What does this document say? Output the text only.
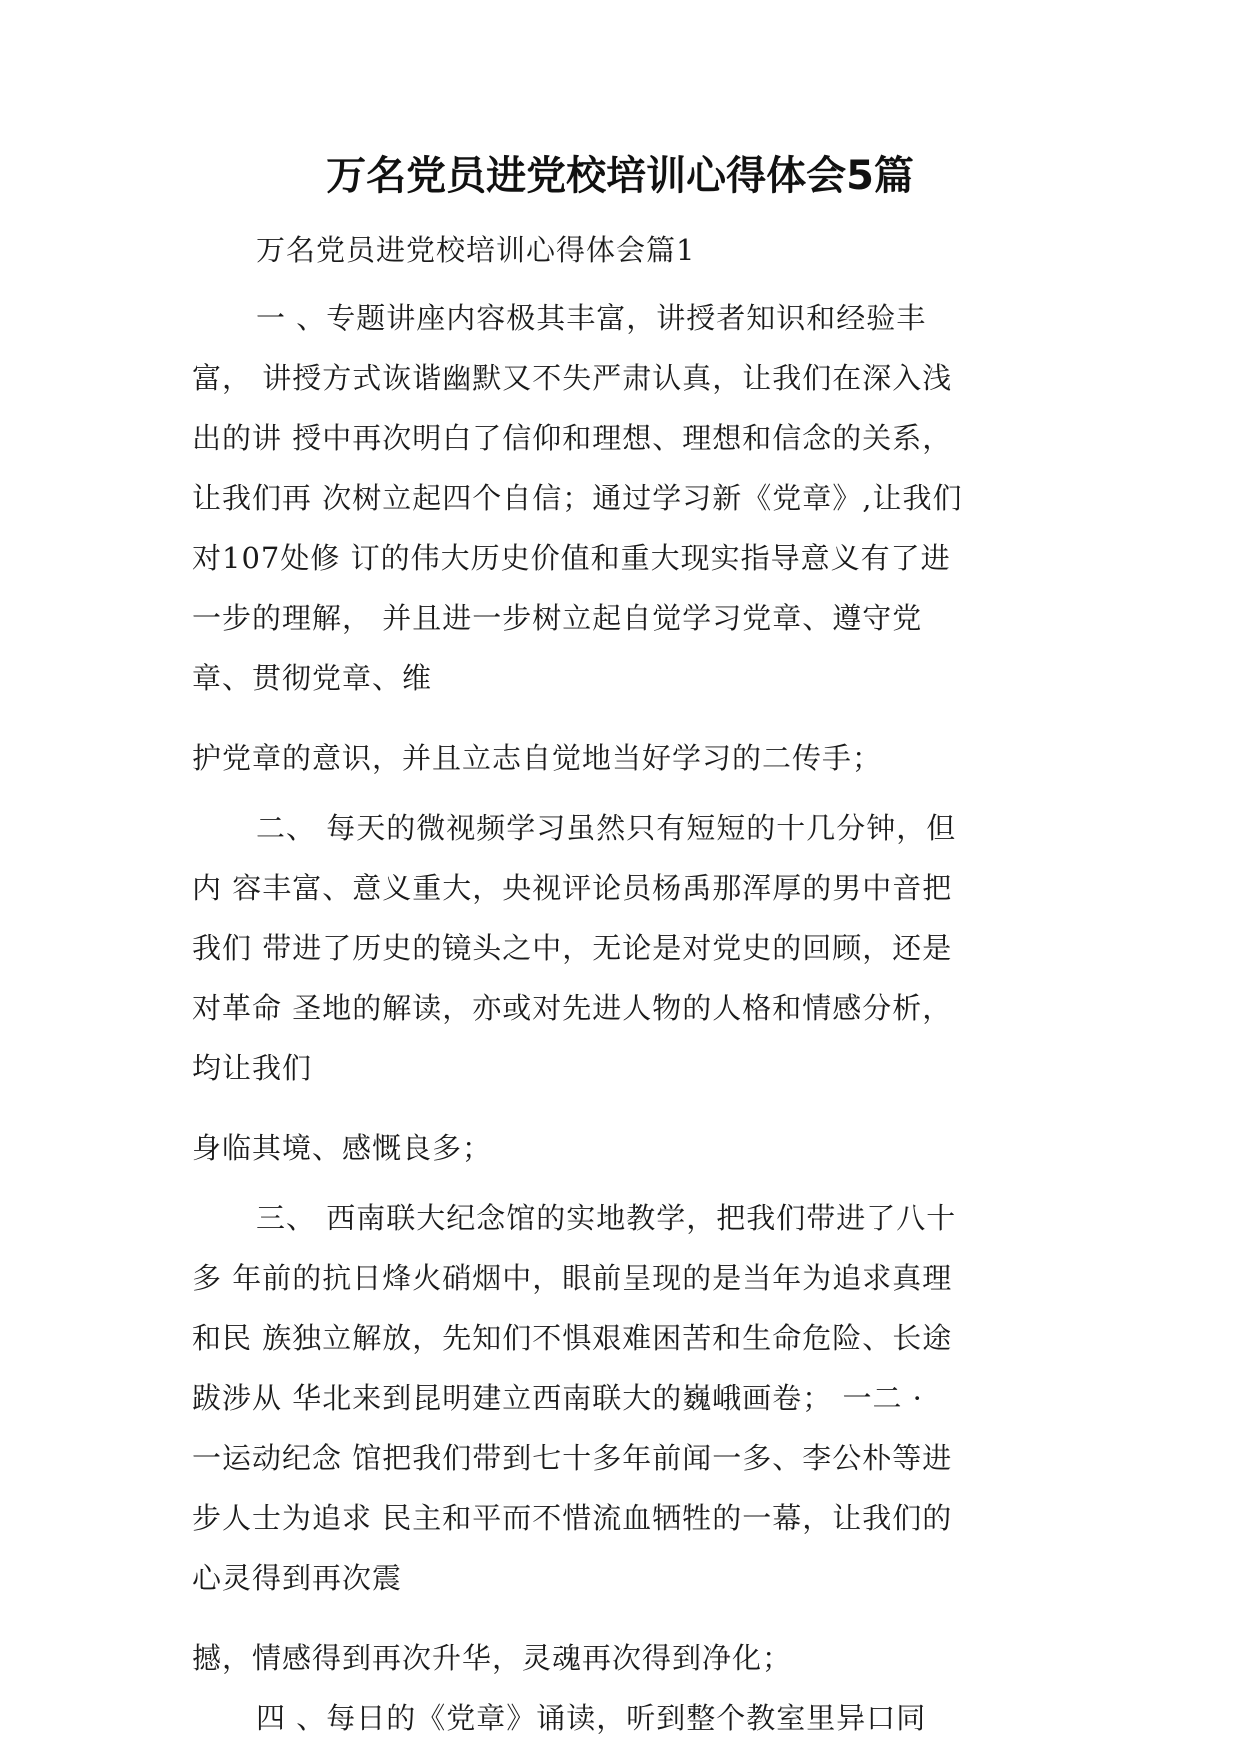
万名党员进党校培训心得体会5篇
万名党员进党校培训心得体会篇1
一 、专题讲座内容极其丰富，讲授者知识和经验丰
富， 讲授方式诙谐幽默又不失严肃认真，让我们在深入浅
出的讲 授中再次明白了信仰和理想、理想和信念的关系，
让我们再 次树立起四个自信；通过学习新《党章》,让我们
对107处修 订的伟大历史价值和重大现实指导意义有了进
一步的理解， 并且进一步树立起自觉学习党章、遵守党
章、贯彻党章、维
护党章的意识，并且立志自觉地当好学习的二传手；
二、 每天的微视频学习虽然只有短短的十几分钟，但
内 容丰富、意义重大，央视评论员杨禹那浑厚的男中音把
我们 带进了历史的镜头之中，无论是对党史的回顾，还是
对革命 圣地的解读，亦或对先进人物的人格和情感分析，
均让我们
身临其境、感慨良多；
三、 西南联大纪念馆的实地教学，把我们带进了八十
多 年前的抗日烽火硝烟中，眼前呈现的是当年为追求真理
和民 族独立解放，先知们不惧艰难困苦和生命危险、长途
跋涉从 华北来到昆明建立西南联大的巍峨画卷； 一二 ·
一运动纪念 馆把我们带到七十多年前闻一多、李公朴等进
步人士为追求 民主和平而不惜流血牺牲的一幕，让我们的
心灵得到再次震
撼，情感得到再次升华，灵魂再次得到净化；
四 、每日的《党章》诵读，听到整个教室里异口同
